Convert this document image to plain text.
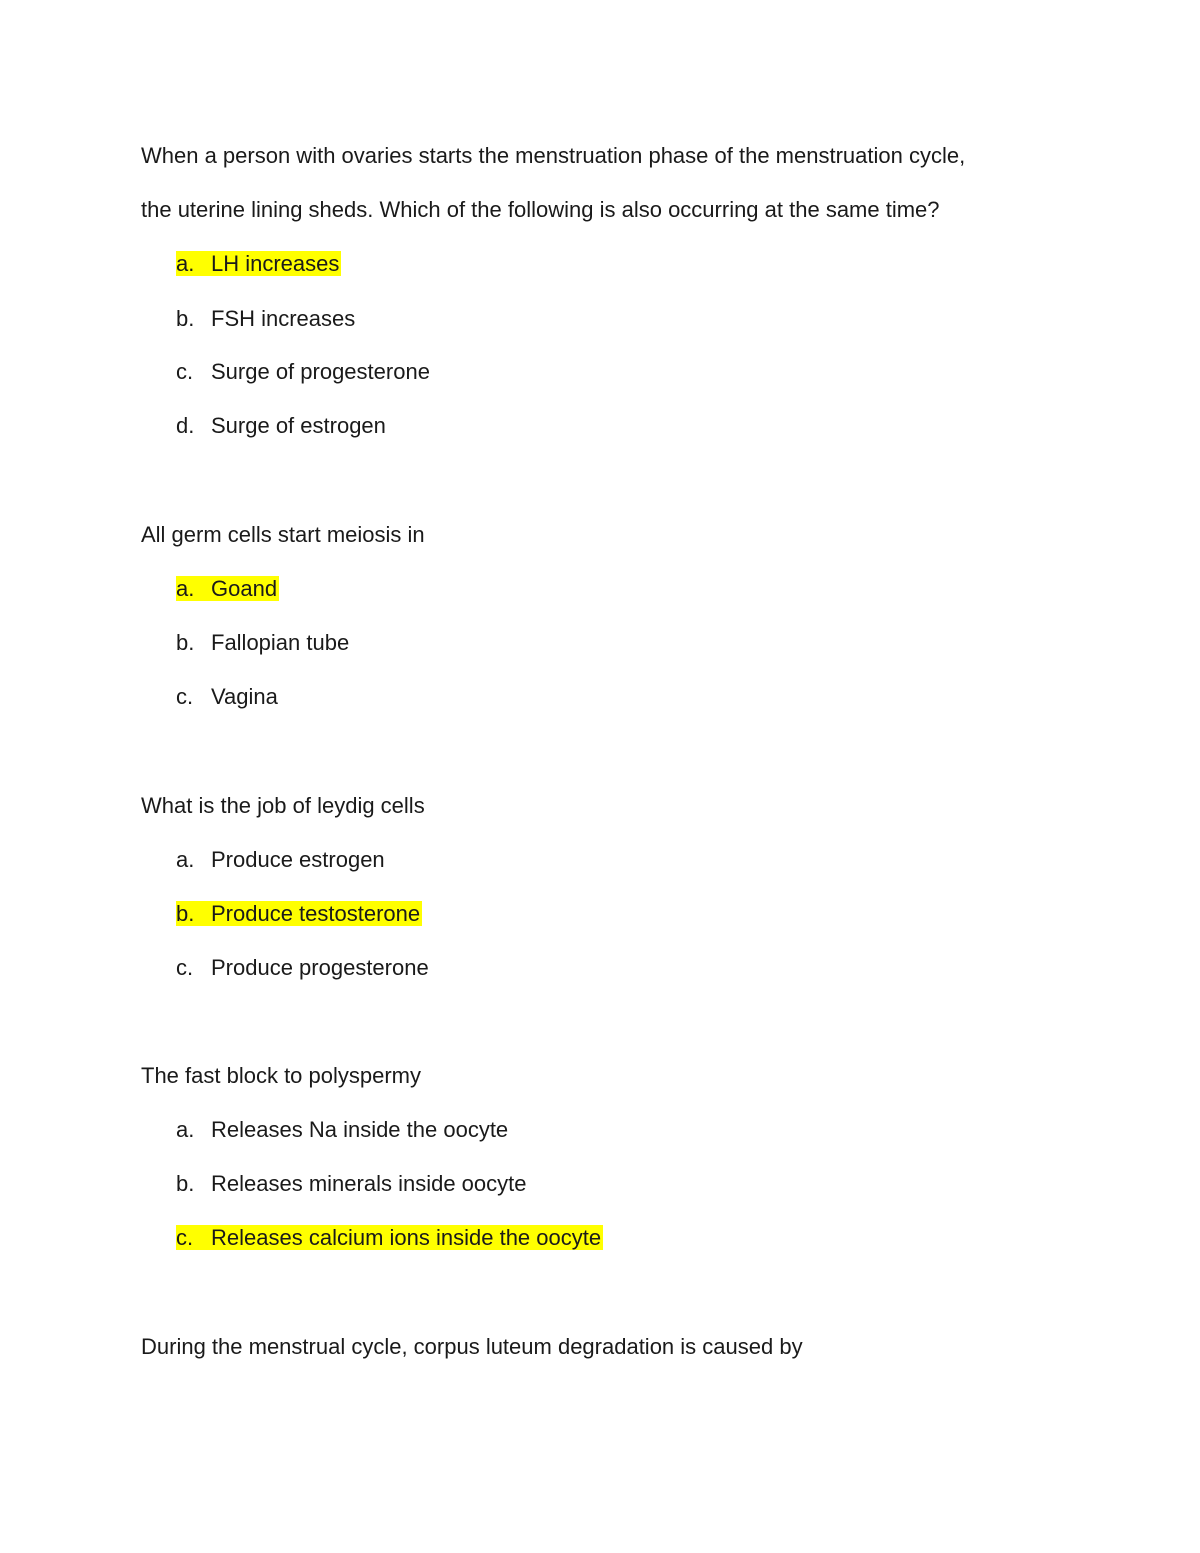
When a person with ovaries starts the menstruation phase of the menstruation cycle,

the uterine lining sheds. Which of the following is also occurring at the same time?

a. LH increases

b. FSH increases

c. Surge of progesterone

d. Surge of estrogen

All germ cells start meiosis in

a. Goand

b. Fallopian tube

c. Vagina

What is the job of leydig cells

a. Produce estrogen

b. Produce testosterone

c. Produce progesterone

The fast block to polyspermy

a. Releases Na inside the oocyte

b. Releases minerals inside oocyte

c. Releases calcium ions inside the oocyte

During the menstrual cycle, corpus luteum degradation is caused by
